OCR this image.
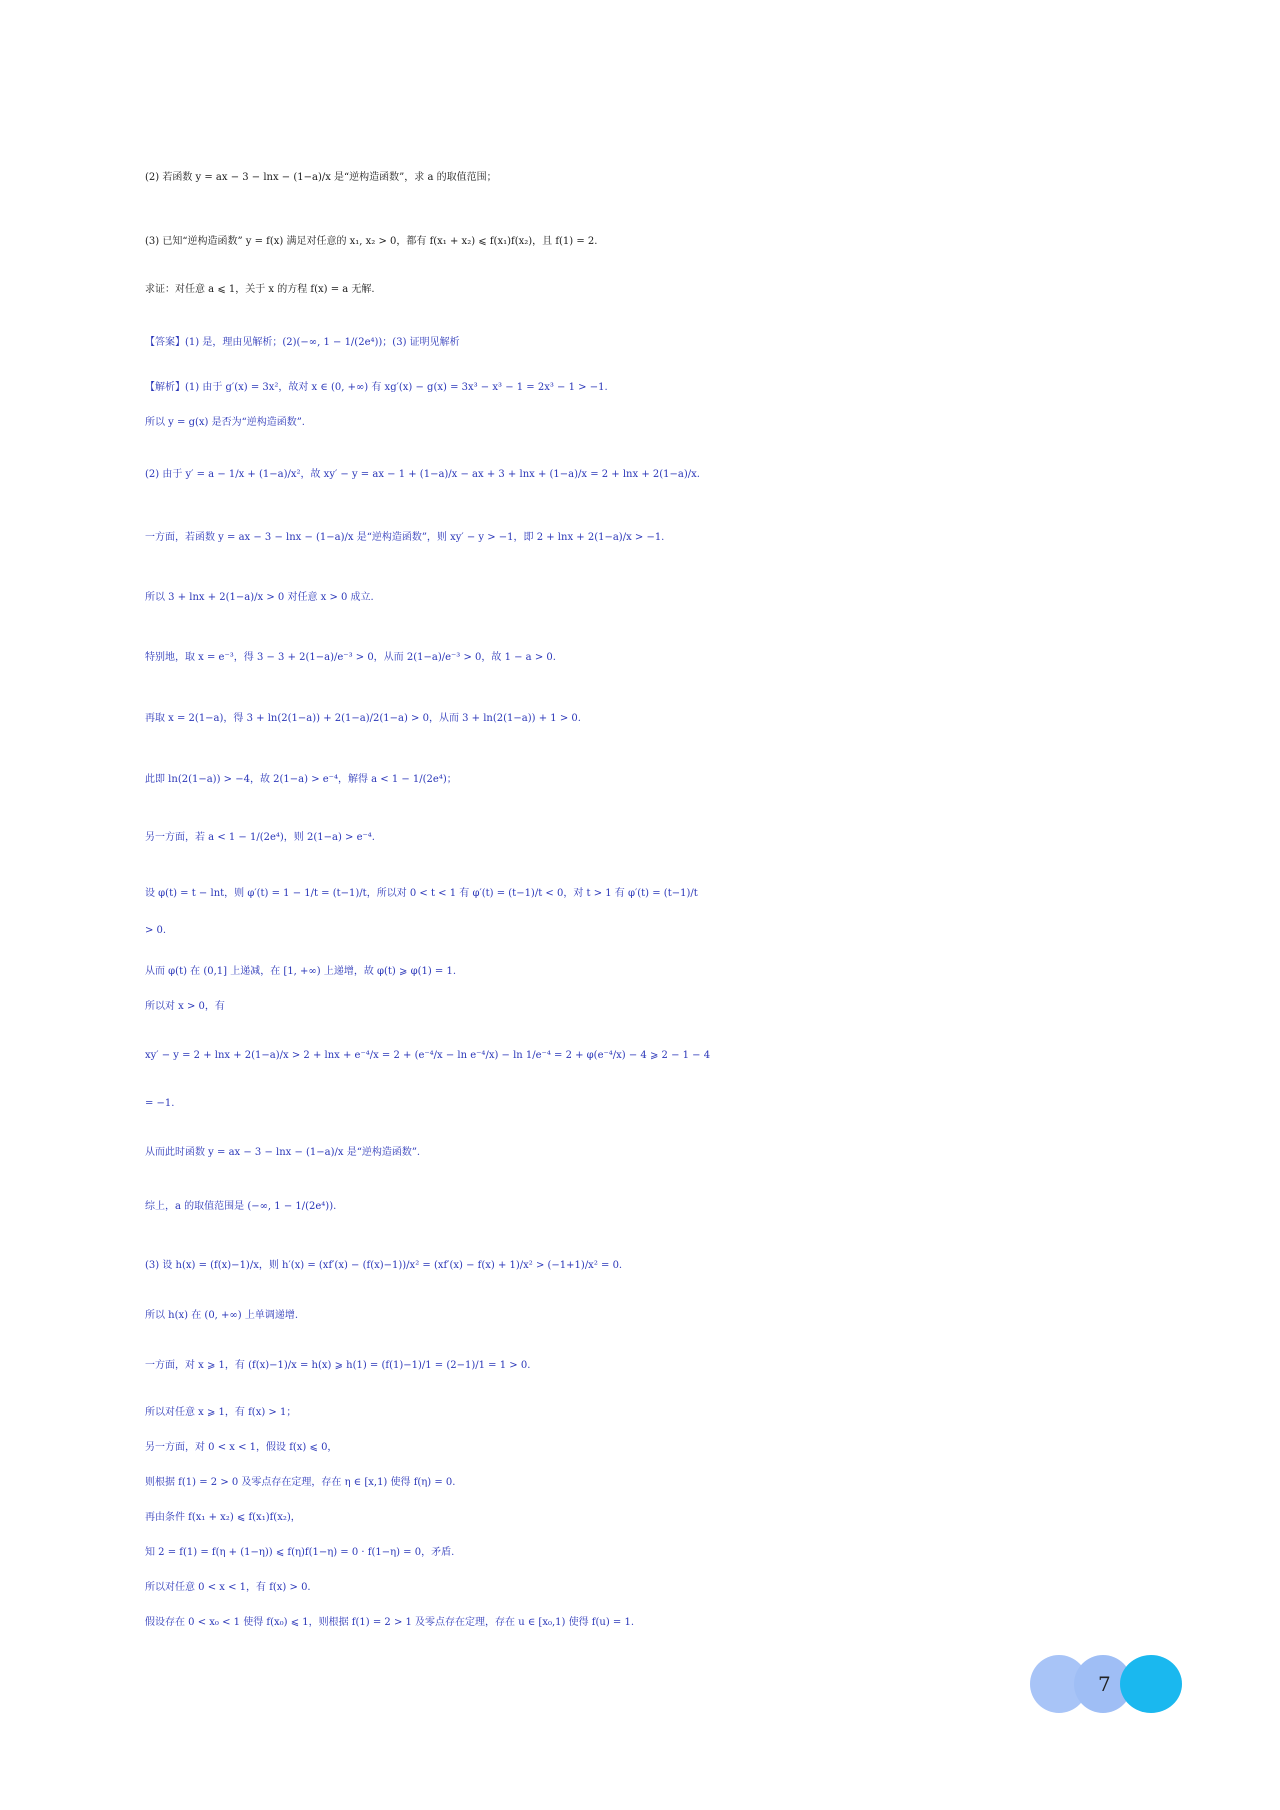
(2) 若函数 y = ax − 3 − lnx − (1−a)/x 是“逆构造函数”，求 a 的取值范围；
(3) 已知“逆构造函数” y = f(x) 满足对任意的 x₁, x₂ > 0，都有 f(x₁ + x₂) ⩽ f(x₁)f(x₂)，且 f(1) = 2.
求证：对任意 a ⩽ 1，关于 x 的方程 f(x) = a 无解.
【答案】(1) 是，理由见解析；(2)(−∞, 1 − 1/(2e⁴))；(3) 证明见解析
【解析】(1) 由于 g′(x) = 3x²，故对 x ∈ (0, +∞) 有 xg′(x) − g(x) = 3x³ − x³ − 1 = 2x³ − 1 > −1.
所以 y = g(x) 是否为“逆构造函数”.
(2) 由于 y′ = a − 1/x + (1−a)/x²，故 xy′ − y = ax − 1 + (1−a)/x − ax + 3 + lnx + (1−a)/x = 2 + lnx + 2(1−a)/x.
一方面，若函数 y = ax − 3 − lnx − (1−a)/x 是“逆构造函数”，则 xy′ − y > −1，即 2 + lnx + 2(1−a)/x > −1.
所以 3 + lnx + 2(1−a)/x > 0 对任意 x > 0 成立.
特别地，取 x = e⁻³，得 3 − 3 + 2(1−a)/e⁻³ > 0，从而 2(1−a)/e⁻³ > 0，故 1 − a > 0.
再取 x = 2(1−a)，得 3 + ln(2(1−a)) + 2(1−a)/2(1−a) > 0，从而 3 + ln(2(1−a)) + 1 > 0.
此即 ln(2(1−a)) > −4，故 2(1−a) > e⁻⁴，解得 a < 1 − 1/(2e⁴)；
另一方面，若 a < 1 − 1/(2e⁴)，则 2(1−a) > e⁻⁴.
设 φ(t) = t − lnt，则 φ′(t) = 1 − 1/t = (t−1)/t，所以对 0 < t < 1 有 φ′(t) = (t−1)/t < 0，对 t > 1 有 φ′(t) = (t−1)/t
> 0.
从而 φ(t) 在 (0,1] 上递减，在 [1, +∞) 上递增，故 φ(t) ⩾ φ(1) = 1.
所以对 x > 0，有
xy′ − y = 2 + lnx + 2(1−a)/x > 2 + lnx + e⁻⁴/x = 2 + (e⁻⁴/x − ln e⁻⁴/x) − ln 1/e⁻⁴ = 2 + φ(e⁻⁴/x) − 4 ⩾ 2 − 1 − 4
= −1.
从而此时函数 y = ax − 3 − lnx − (1−a)/x 是“逆构造函数”.
综上，a 的取值范围是 (−∞, 1 − 1/(2e⁴)).
(3) 设 h(x) = (f(x)−1)/x，则 h′(x) = (xf′(x) − (f(x)−1))/x² = (xf′(x) − f(x) + 1)/x² > (−1+1)/x² = 0.
所以 h(x) 在 (0, +∞) 上单调递增.
一方面，对 x ⩾ 1，有 (f(x)−1)/x = h(x) ⩾ h(1) = (f(1)−1)/1 = (2−1)/1 = 1 > 0.
所以对任意 x ⩾ 1，有 f(x) > 1；
另一方面，对 0 < x < 1，假设 f(x) ⩽ 0，
则根据 f(1) = 2 > 0 及零点存在定理，存在 η ∈ [x,1) 使得 f(η) = 0.
再由条件 f(x₁ + x₂) ⩽ f(x₁)f(x₂)，
知 2 = f(1) = f(η + (1−η)) ⩽ f(η)f(1−η) = 0 · f(1−η) = 0，矛盾.
所以对任意 0 < x < 1，有 f(x) > 0.
假设存在 0 < x₀ < 1 使得 f(x₀) ⩽ 1，则根据 f(1) = 2 > 1 及零点存在定理，存在 u ∈ [x₀,1) 使得 f(u) = 1.
7
